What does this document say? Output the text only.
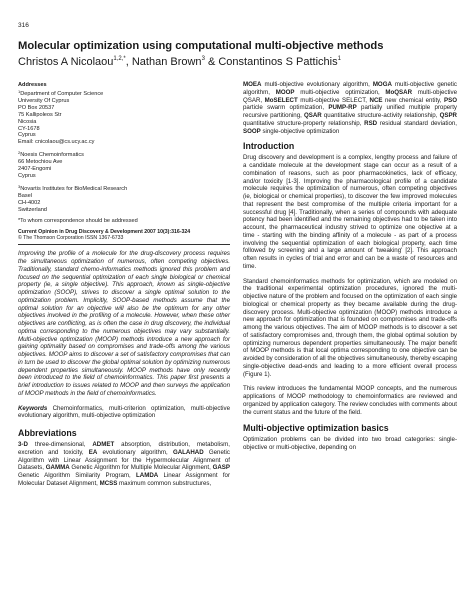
316
Molecular optimization using computational multi-objective methods
Christos A Nicolaou$^{1,2,*}$, Nathan Brown$^3$ & Constantinos S Pattichis$^1$
Addresses
$^1$Department of Computer Science
University Of Cyprus
PO Box 20537
75 Kallipoleos Str
Nicosia
CY-1678
Cyprus
Email: cnicolaou@cs.ucy.ac.cy
$^2$Noesis Chemoinformatics
66 Metochiou Ave
2407-Engomi
Cyprus
$^3$Novartis Institutes for BioMedical Research
Basel
CH-4002
Switzerland
*To whom correspondence should be addressed
Current Opinion in Drug Discovery & Development 2007 10(3):316-324
© The Thomson Corporation ISSN 1367-6733
Improving the profile of a molecule for the drug-discovery process requires the simultaneous optimization of numerous, often competing objectives. Traditionally, standard chemo-informatics methods ignored this problem and focused on the sequential optimization of each single biological or chemical property (ie, a single objective). This approach, known as single-objective optimization (SOOP), strives to discover a single optimal solution to the optimization problem. Implicitly, SOOP-based methods assume that the optimal solution for an objective will also be the optimum for any other objectives involved in the profiling of a molecule. However, when these other objectives are conflicting, as is often the case in drug discovery, the individual optima corresponding to the numerous objectives may vary substantially. Multi-objective optimization (MOOP) methods introduce a new approach for gaining optimality based on compromises and trade-offs among the various objectives. MOOP aims to discover a set of satisfactory compromises that can in turn be used to discover the global optimal solution by optimizing numerous dependent properties simultaneously. MOOP methods have only recently been introduced to the field of chemoinformatics. This paper first presents a brief introduction to issues related to MOOP and then surveys the application of MOOP methods in the field of chemoinformatics.
Keywords Chemoinformatics, multi-criterion optimization, multi-objective evolutionary algorithm, multi-objective optimization
Abbreviations
3-D three-dimensional, ADMET absorption, distribution, metabolism, excretion and toxicity, EA evolutionary algorithm, GALAHAD Genetic Algorithm with Linear Assignment for the Hypermolecular Alignment of Datasets, GAMMA Genetic Algorithm for Multiple Molecular Alignment, GASP Genetic Algorithm Similarity Program, LAMDA Linear Assignment for Molecular Dataset Alignment, MCSS maximum common substructures,
MOEA multi-objective evolutionary algorithm, MOGA multi-objective genetic algorithm, MOOP multi-objective optimization, MoQSAR multi-objective QSAR, MoSELECT multi-objective SELECT, NCE new chemical entity, PSO particle swarm optimization, PUMP-RP partially unified multiple property recursive partitioning, QSAR quantitative structure-activity relationship, QSPR quantitative structure-property relationship, RSD residual standard deviation, SOOP single-objective optimization
Introduction

Drug discovery and development is a complex, lengthy process and failure of a candidate molecule at the development stage can occur as a result of a combination of reasons, such as poor pharmacokinetics, lack of efficacy, and/or toxicity [1-3]. Improving the pharmacological profile of a candidate molecule requires the optimization of numerous, often competing objectives (ie, biological or chemical properties), to discover the few improved molecules that represent the best compromise of the multiple criteria important for a successful drug [4]. Traditionally, when a series of compounds with adequate potency had been identified and the remaining objectives had to be taken into account, the pharmaceutical industry strived to optimize one objective at a time - starting with the binding affinity of a molecule - as part of a process involving the sequential optimization of each biological property, each time followed by screening and a large amount of 'tweaking' [2]. This approach often results in cycles of trial and error and can be a waste of resources and time.

Standard chemoinformatics methods for optimization, which are modeled on the traditional experimental optimization procedures, ignored the multi-objective nature of the problem and focused on the optimization of each single biological or chemical property as they became available during the drug-discovery process. Multi-objective optimization (MOOP) methods introduce a new approach for optimization that is founded on compromises and trade-offs among the various objectives. The aim of MOOP methods is to discover a set of satisfactory compromises and, through them, the global optimal solution by optimizing numerous dependent properties simultaneously. The major benefit of MOOP methods is that local optima corresponding to one objective can be avoided by consideration of all the objectives simultaneously, thereby escaping single-objective dead-ends and leading to a more efficient overall process (Figure 1).

This review introduces the fundamental MOOP concepts, and the numerous applications of MOOP methodology to chemoinformatics are reviewed and organized by application category. The review concludes with comments about the current status and the future of the field.

Multi-objective optimization basics

Optimization problems can be divided into two broad categories: single-objective or multi-objective, depending on
